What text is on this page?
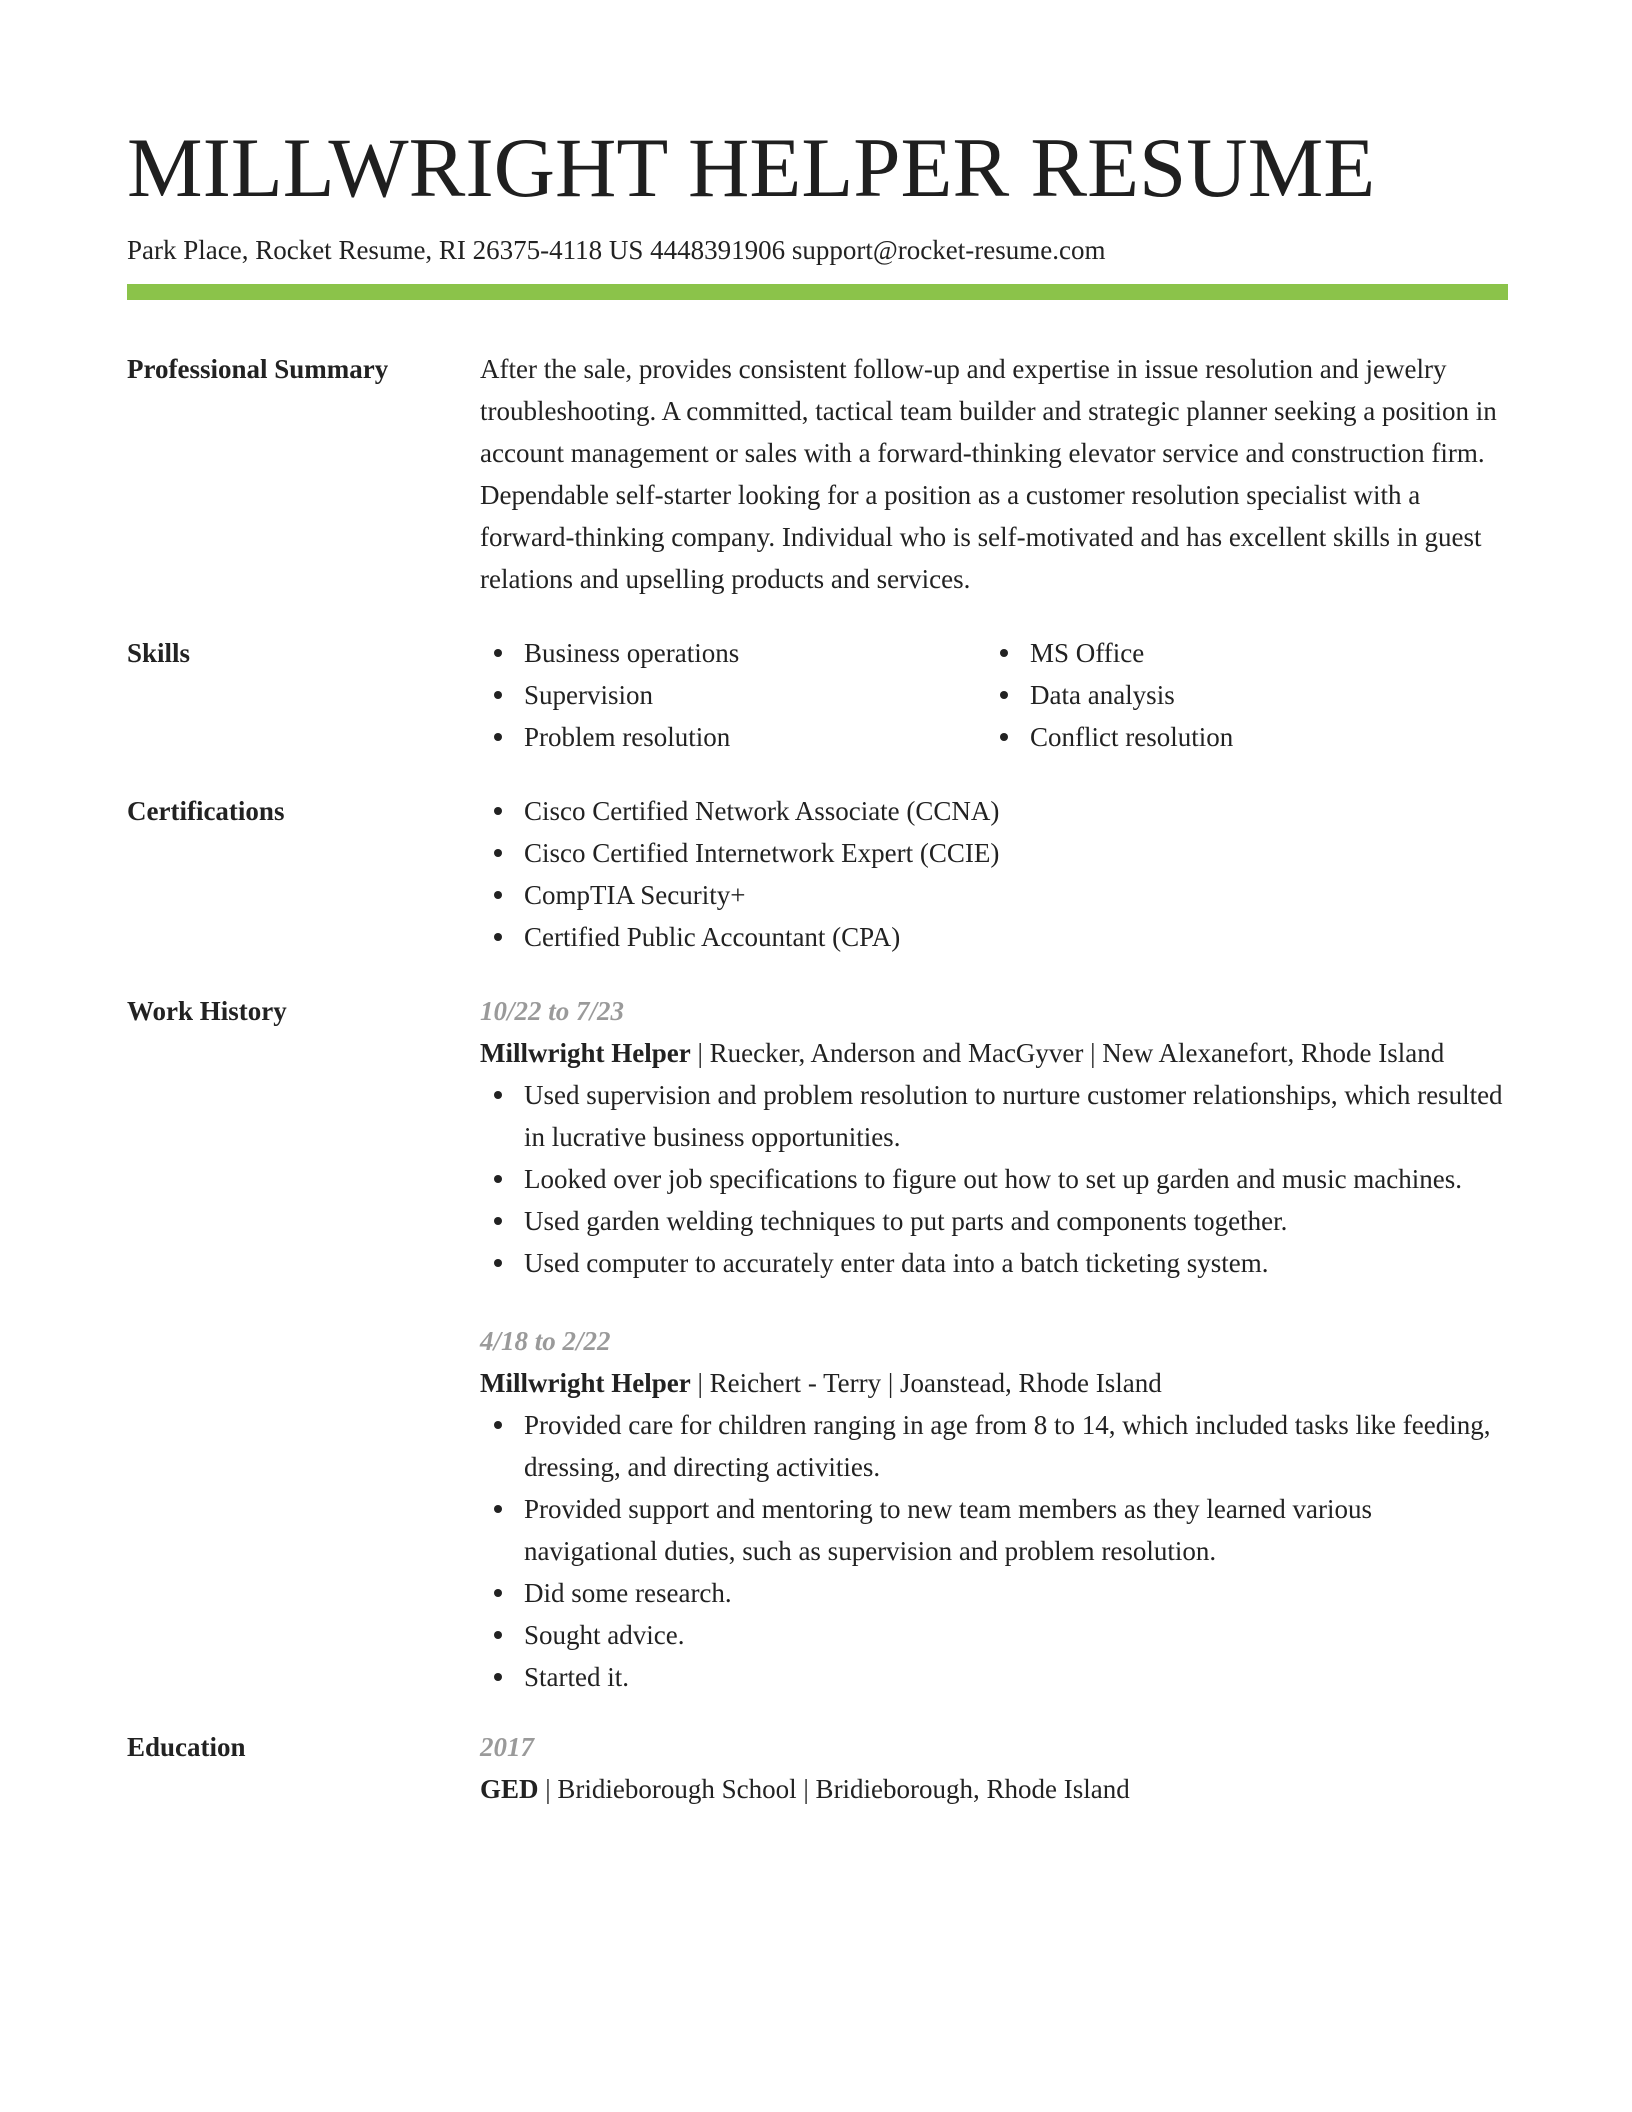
MILLWRIGHT HELPER RESUME
Park Place, Rocket Resume, RI 26375-4118 US 4448391906 support@rocket-resume.com
Professional Summary	After the sale, provides consistent follow-up and expertise in issue resolution and jewelry troubleshooting. A committed, tactical team builder and strategic planner seeking a position in account management or sales with a forward-thinking elevator service and construction firm. Dependable self-starter looking for a position as a customer resolution specialist with a forward-thinking company. Individual who is self-motivated and has excellent skills in guest relations and upselling products and services.
Skills	Business operations
Supervision
Problem resolution
MS Office
Data analysis
Conflict resolution
Certifications	Cisco Certified Network Associate (CCNA)
Cisco Certified Internetwork Expert (CCIE)
CompTIA Security+
Certified Public Accountant (CPA)
Work History	10/22 to 7/23
Millwright Helper | Ruecker, Anderson and MacGyver | New Alexanefort, Rhode Island
Used supervision and problem resolution to nurture customer relationships, which resulted in lucrative business opportunities.
Looked over job specifications to figure out how to set up garden and music machines.
Used garden welding techniques to put parts and components together.
Used computer to accurately enter data into a batch ticketing system.
4/18 to 2/22
Millwright Helper | Reichert - Terry | Joanstead, Rhode Island
Provided care for children ranging in age from 8 to 14, which included tasks like feeding, dressing, and directing activities.
Provided support and mentoring to new team members as they learned various navigational duties, such as supervision and problem resolution.
Did some research.
Sought advice.
Started it.
Education	2017
GED | Bridieborough School | Bridieborough, Rhode Island
